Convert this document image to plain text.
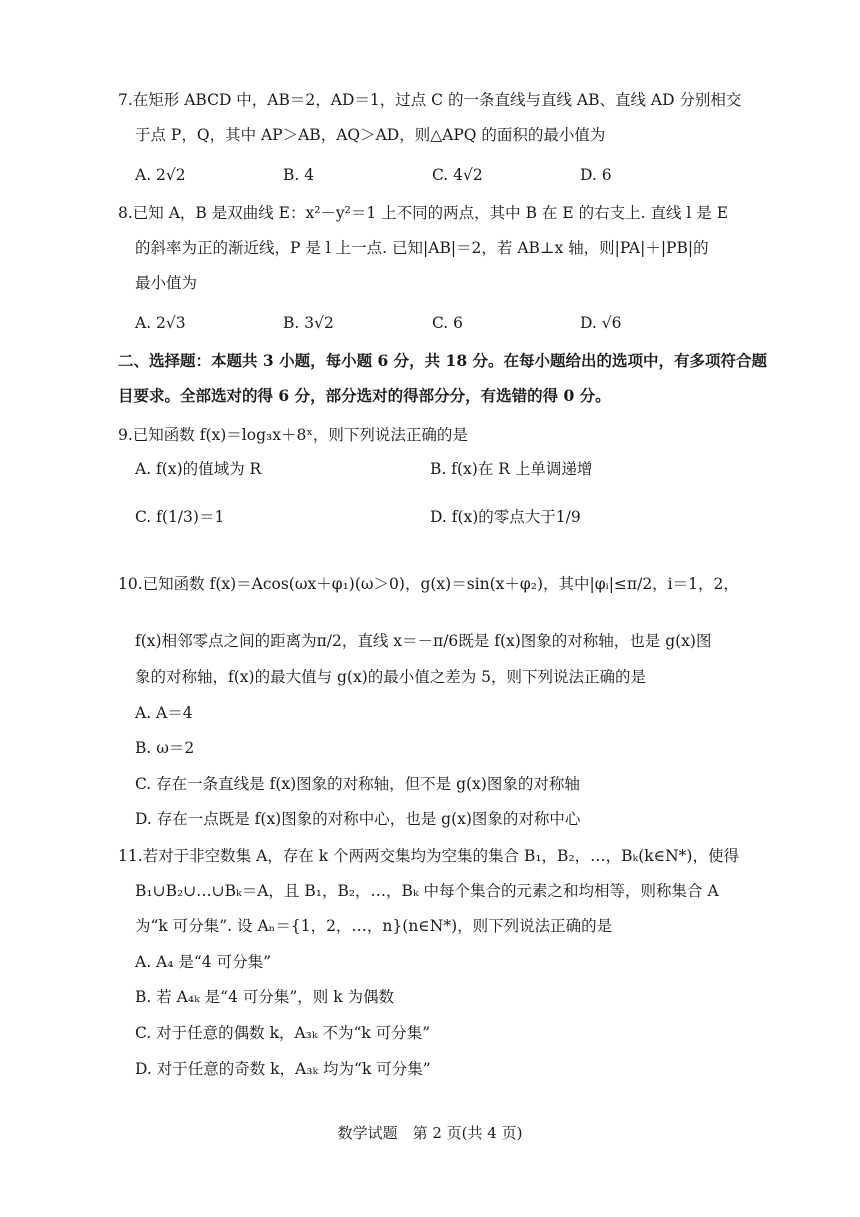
7.在矩形 ABCD 中，AB＝2，AD＝1，过点 C 的一条直线与直线 AB、直线 AD 分别相交
于点 P，Q，其中 AP＞AB，AQ＞AD，则△APQ 的面积的最小值为
A. 2√2	B. 4	C. 4√2	D. 6
8.已知 A，B 是双曲线 E：x²－y²＝1 上不同的两点，其中 B 在 E 的右支上. 直线 l 是 E
的斜率为正的渐近线，P 是 l 上一点. 已知|AB|＝2，若 AB⊥x 轴，则|PA|＋|PB|的
最小值为
A. 2√3	B. 3√2	C. 6	D. √6
二、选择题：本题共 3 小题，每小题 6 分，共 18 分。在每小题给出的选项中，有多项符合题
目要求。全部选对的得 6 分，部分选对的得部分分，有选错的得 0 分。
9.已知函数 f(x)＝log₃x＋8ˣ，则下列说法正确的是
A. f(x)的值域为 R	B. f(x)在 R 上单调递增
C. f(1/3)＝1	D. f(x)的零点大于1/9
10.已知函数 f(x)＝Acos(ωx＋φ₁)(ω＞0)，g(x)＝sin(x＋φ₂)，其中|φᵢ|≤π/2，i＝1，2，
f(x)相邻零点之间的距离为π/2，直线 x＝－π/6既是 f(x)图象的对称轴，也是 g(x)图
象的对称轴，f(x)的最大值与 g(x)的最小值之差为 5，则下列说法正确的是
A. A＝4
B. ω＝2
C. 存在一条直线是 f(x)图象的对称轴，但不是 g(x)图象的对称轴
D. 存在一点既是 f(x)图象的对称中心，也是 g(x)图象的对称中心
11.若对于非空数集 A，存在 k 个两两交集均为空集的集合 B₁，B₂，…，Bₖ(k∈N*)，使得
B₁∪B₂∪…∪Bₖ＝A，且 B₁，B₂，…，Bₖ 中每个集合的元素之和均相等，则称集合 A
为“k 可分集”. 设 Aₙ＝{1，2，…，n}(n∈N*)，则下列说法正确的是
A. A₄ 是“4 可分集”
B. 若 A₄ₖ 是“4 可分集”，则 k 为偶数
C. 对于任意的偶数 k，A₃ₖ 不为“k 可分集”
D. 对于任意的奇数 k，A₃ₖ 均为“k 可分集”
数学试题　第 2 页(共 4 页)
